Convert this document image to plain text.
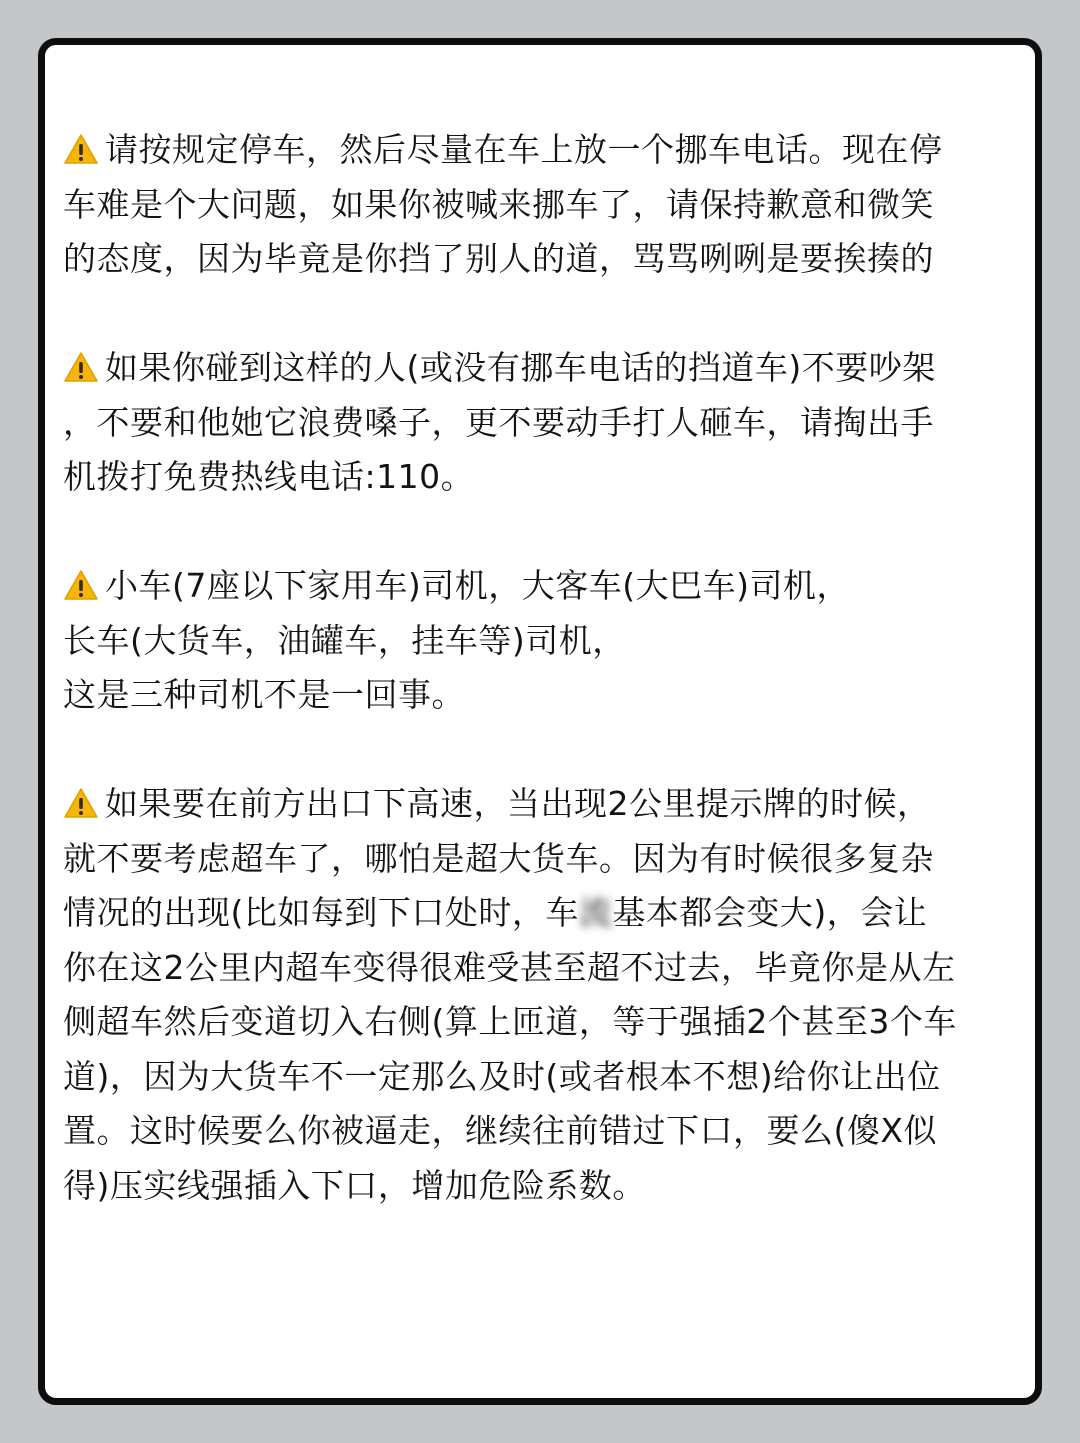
请按规定停车，然后尽量在车上放一个挪车电话。现在停
车难是个大问题，如果你被喊来挪车了，请保持歉意和微笑
的态度，因为毕竟是你挡了别人的道，骂骂咧咧是要挨揍的
如果你碰到这样的人(或没有挪车电话的挡道车)不要吵架
，不要和他她它浪费嗓子，更不要动手打人砸车，请掏出手
机拨打免费热线电话:110。
小车(7座以下家用车)司机，大客车(大巴车)司机，
长车(大货车，油罐车，挂车等)司机，
这是三种司机不是一回事。
如果要在前方出口下高速，当出现2公里提示牌的时候，
就不要考虑超车了，哪怕是超大货车。因为有时候很多复杂
情况的出现(比如每到下口处时，车流基本都会变大)，会让
你在这2公里内超车变得很难受甚至超不过去，毕竟你是从左
侧超车然后变道切入右侧(算上匝道，等于强插2个甚至3个车
道)，因为大货车不一定那么及时(或者根本不想)给你让出位
置。这时候要么你被逼走，继续往前错过下口，要么(傻X似
得)压实线强插入下口，增加危险系数。
